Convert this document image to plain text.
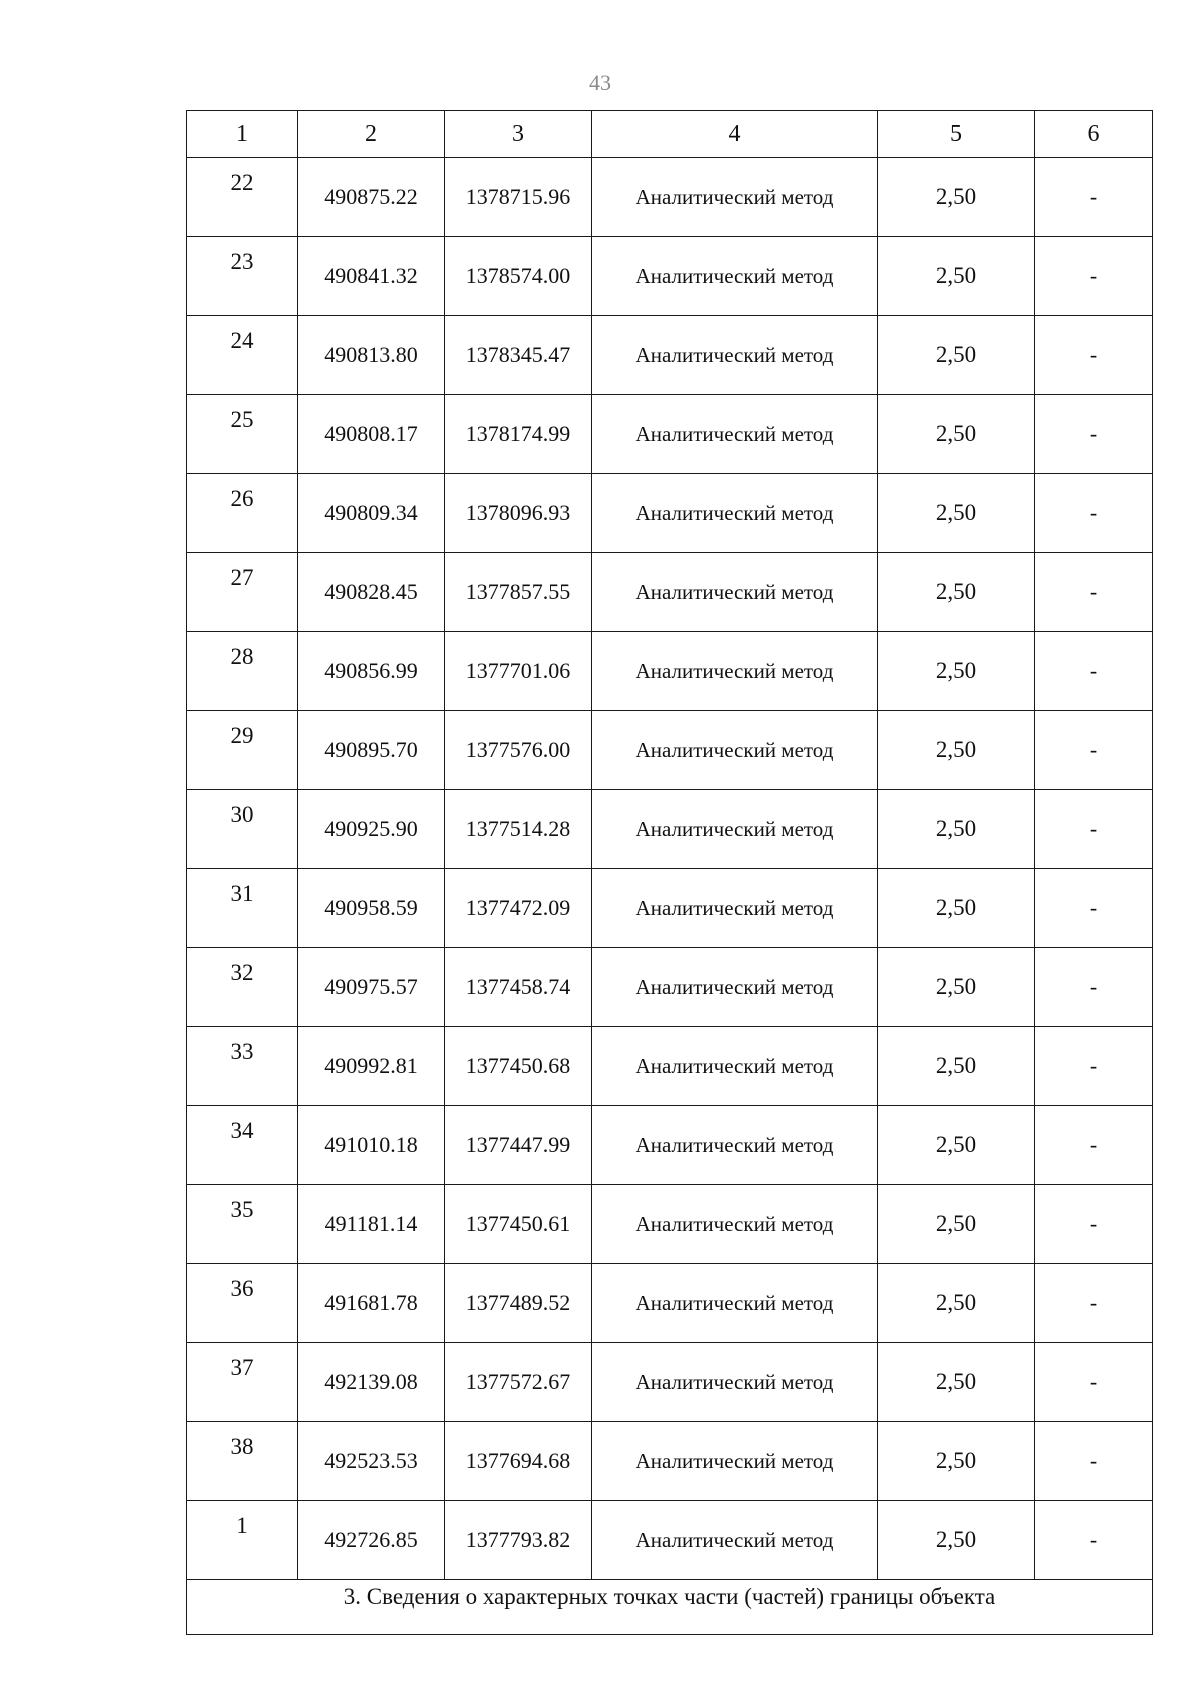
43
1	2	3	4	5	6
22	490875.22	1378715.96	Аналитический метод	2,50	-
23	490841.32	1378574.00	Аналитический метод	2,50	-
24	490813.80	1378345.47	Аналитический метод	2,50	-
25	490808.17	1378174.99	Аналитический метод	2,50	-
26	490809.34	1378096.93	Аналитический метод	2,50	-
27	490828.45	1377857.55	Аналитический метод	2,50	-
28	490856.99	1377701.06	Аналитический метод	2,50	-
29	490895.70	1377576.00	Аналитический метод	2,50	-
30	490925.90	1377514.28	Аналитический метод	2,50	-
31	490958.59	1377472.09	Аналитический метод	2,50	-
32	490975.57	1377458.74	Аналитический метод	2,50	-
33	490992.81	1377450.68	Аналитический метод	2,50	-
34	491010.18	1377447.99	Аналитический метод	2,50	-
35	491181.14	1377450.61	Аналитический метод	2,50	-
36	491681.78	1377489.52	Аналитический метод	2,50	-
37	492139.08	1377572.67	Аналитический метод	2,50	-
38	492523.53	1377694.68	Аналитический метод	2,50	-
1	492726.85	1377793.82	Аналитический метод	2,50	-
3. Сведения о характерных точках части (частей) границы объекта					
